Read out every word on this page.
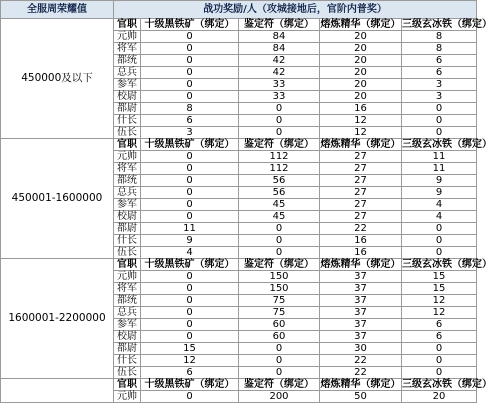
全服周荣耀值	战功奖励/人（攻城接地后，官阶内普奖）				
450000及以下	官职	十级黑铁矿（绑定）	鉴定符（绑定）	熔炼精华（绑定）	三级玄冰铁（绑定）
	元帅	0	84	20	8
	将军	0	84	20	8
	都统	0	42	20	6
	总兵	0	42	20	6
	参军	0	33	20	3
	校尉	0	33	20	3
	都尉	8	0	16	0
	什长	6	0	12	0
	伍长	3	0	12	0
450001-1600000	官职	十级黑铁矿（绑定）	鉴定符（绑定）	熔炼精华（绑定）	三级玄冰铁（绑定）
	元帅	0	112	27	11
	将军	0	112	27	11
	都统	0	56	27	9
	总兵	0	56	27	9
	参军	0	45	27	4
	校尉	0	45	27	4
	都尉	11	0	22	0
	什长	9	0	16	0
	伍长	4	0	16	0
1600001-2200000	官职	十级黑铁矿（绑定）	鉴定符（绑定）	熔炼精华（绑定）	三级玄冰铁（绑定）
	元帅	0	150	37	15
	将军	0	150	37	15
	都统	0	75	37	12
	总兵	0	75	37	12
	参军	0	60	37	6
	校尉	0	60	37	6
	都尉	15	0	30	0
	什长	12	0	22	0
	伍长	6	0	22	0
	官职	十级黑铁矿（绑定）	鉴定符（绑定）	熔炼精华（绑定）	三级玄冰铁（绑定）
	元帅	0	200	50	20
